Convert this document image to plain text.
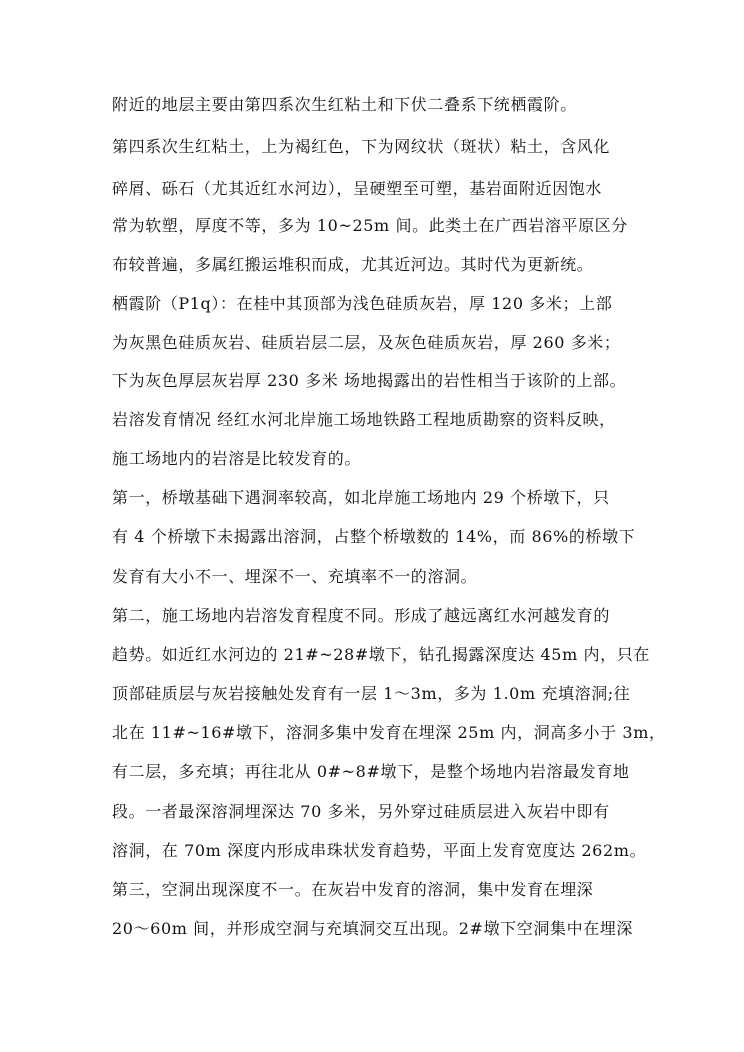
附近的地层主要由第四系次生红粘土和下伏二叠系下统栖霞阶。

第四系次生红粘土，上为褐红色，下为网纹状（斑状）粘土，含风化

碎屑、砾石（尤其近红水河边），呈硬塑至可塑，基岩面附近因饱水

常为软塑，厚度不等，多为 10~25m 间。此类土在广西岩溶平原区分

布较普遍，多属红搬运堆积而成，尤其近河边。其时代为更新统。

栖霞阶（P1q）：在桂中其顶部为浅色硅质灰岩，厚 120 多米；上部

为灰黑色硅质灰岩、硅质岩层二层，及灰色硅质灰岩，厚 260 多米；

下为灰色厚层灰岩厚 230 多米 场地揭露出的岩性相当于该阶的上部。

岩溶发育情况 经红水河北岸施工场地铁路工程地质勘察的资料反映，

施工场地内的岩溶是比较发育的。

第一，桥墩基础下遇洞率较高，如北岸施工场地内 29 个桥墩下，只

有 4 个桥墩下未揭露出溶洞，占整个桥墩数的 14%，而 86%的桥墩下

发育有大小不一、埋深不一、充填率不一的溶洞。

第二，施工场地内岩溶发育程度不同。形成了越远离红水河越发育的

趋势。如近红水河边的 21#~28#墩下，钻孔揭露深度达 45m 内，只在

顶部硅质层与灰岩接触处发育有一层 1～3m，多为 1.0m 充填溶洞;往

北在 11#~16#墩下，溶洞多集中发育在埋深 25m 内，洞高多小于 3m，

有二层，多充填；再往北从 0#~8#墩下，是整个场地内岩溶最发育地

段。一者最深溶洞埋深达 70 多米，另外穿过硅质层进入灰岩中即有

溶洞，在 70m 深度内形成串珠状发育趋势，平面上发育宽度达 262m。

第三，空洞出现深度不一。在灰岩中发育的溶洞，集中发育在埋深

20～60m 间，并形成空洞与充填洞交互出现。2#墩下空洞集中在埋深
